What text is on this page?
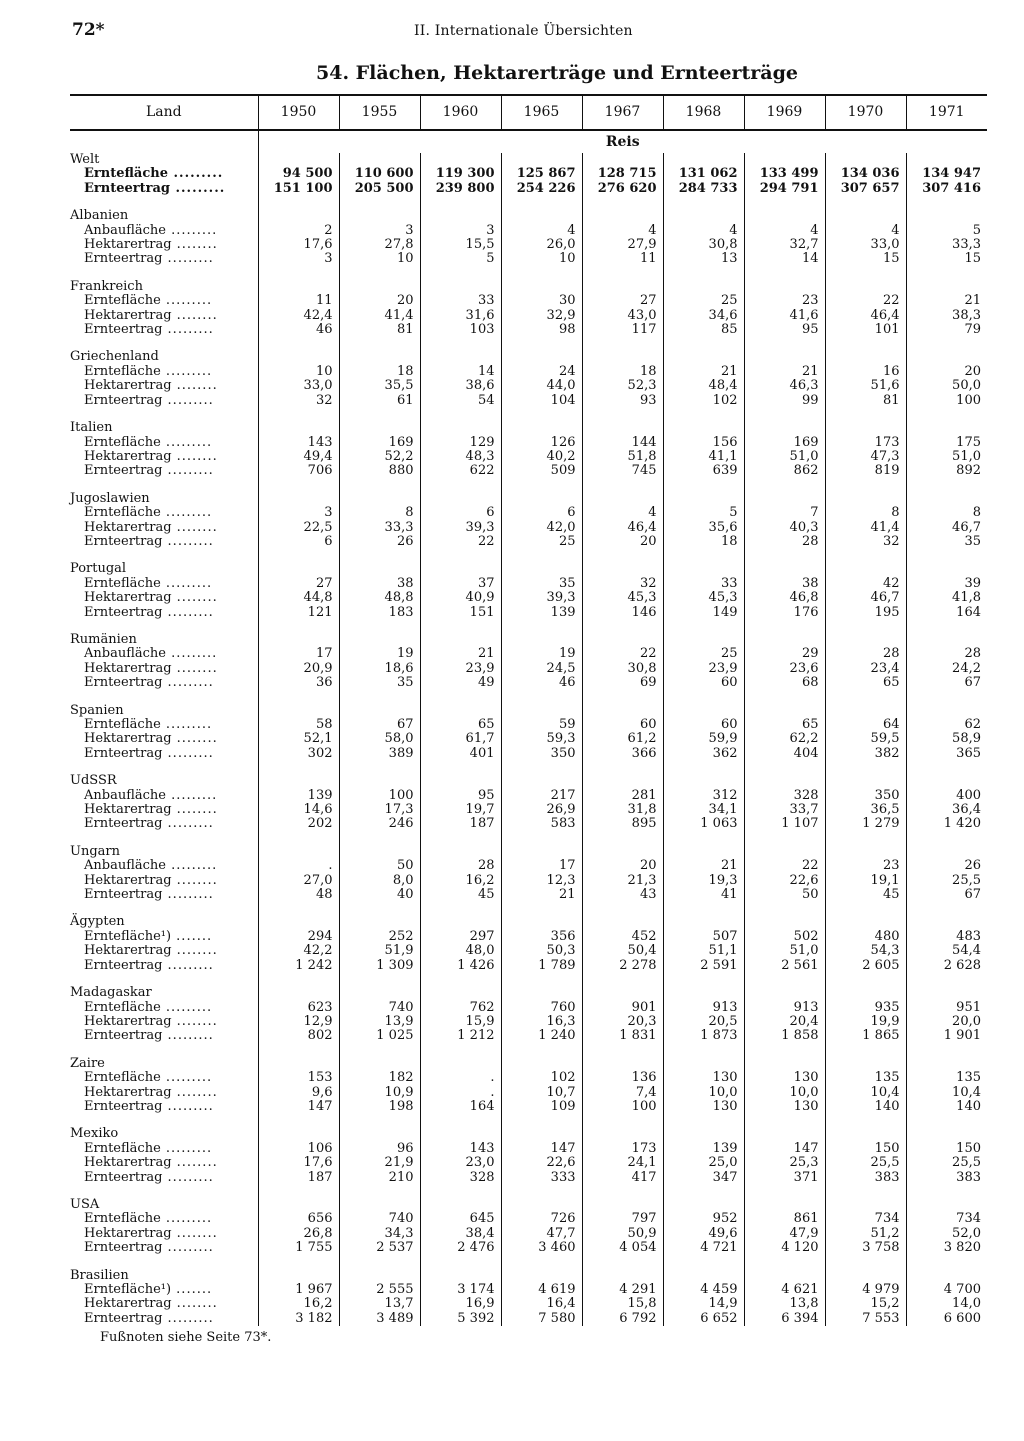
72*	II. Internationale Übersichten
54. Flächen, Hektarerträge und Ernteerträge
Land	1950	1955	1960	1965	1967	1968	1969	1970	1971
	Reis								
Welt									
Erntefläche .........	94 500	110 600	119 300	125 867	128 715	131 062	133 499	134 036	134 947
Ernteertrag .........	151 100	205 500	239 800	254 226	276 620	284 733	294 791	307 657	307 416

Albanien									
Anbaufläche .........	2	3	3	4	4	4	4	4	5
Hektarertrag ........	17,6	27,8	15,5	26,0	27,9	30,8	32,7	33,0	33,3
Ernteertrag .........	3	10	5	10	11	13	14	15	15

Frankreich									
Erntefläche .........	11	20	33	30	27	25	23	22	21
Hektarertrag ........	42,4	41,4	31,6	32,9	43,0	34,6	41,6	46,4	38,3
Ernteertrag .........	46	81	103	98	117	85	95	101	79

Griechenland									
Erntefläche .........	10	18	14	24	18	21	21	16	20
Hektarertrag ........	33,0	35,5	38,6	44,0	52,3	48,4	46,3	51,6	50,0
Ernteertrag .........	32	61	54	104	93	102	99	81	100

Italien									
Erntefläche .........	143	169	129	126	144	156	169	173	175
Hektarertrag ........	49,4	52,2	48,3	40,2	51,8	41,1	51,0	47,3	51,0
Ernteertrag .........	706	880	622	509	745	639	862	819	892

Jugoslawien									
Erntefläche .........	3	8	6	6	4	5	7	8	8
Hektarertrag ........	22,5	33,3	39,3	42,0	46,4	35,6	40,3	41,4	46,7
Ernteertrag .........	6	26	22	25	20	18	28	32	35

Portugal									
Erntefläche .........	27	38	37	35	32	33	38	42	39
Hektarertrag ........	44,8	48,8	40,9	39,3	45,3	45,3	46,8	46,7	41,8
Ernteertrag .........	121	183	151	139	146	149	176	195	164

Rumänien									
Anbaufläche .........	17	19	21	19	22	25	29	28	28
Hektarertrag ........	20,9	18,6	23,9	24,5	30,8	23,9	23,6	23,4	24,2
Ernteertrag .........	36	35	49	46	69	60	68	65	67

Spanien									
Erntefläche .........	58	67	65	59	60	60	65	64	62
Hektarertrag ........	52,1	58,0	61,7	59,3	61,2	59,9	62,2	59,5	58,9
Ernteertrag .........	302	389	401	350	366	362	404	382	365

UdSSR									
Anbaufläche .........	139	100	95	217	281	312	328	350	400
Hektarertrag ........	14,6	17,3	19,7	26,9	31,8	34,1	33,7	36,5	36,4
Ernteertrag .........	202	246	187	583	895	1 063	1 107	1 279	1 420

Ungarn									
Anbaufläche .........	.	50	28	17	20	21	22	23	26
Hektarertrag ........	27,0	8,0	16,2	12,3	21,3	19,3	22,6	19,1	25,5
Ernteertrag .........	48	40	45	21	43	41	50	45	67

Ägypten									
Erntefläche¹) .......	294	252	297	356	452	507	502	480	483
Hektarertrag ........	42,2	51,9	48,0	50,3	50,4	51,1	51,0	54,3	54,4
Ernteertrag .........	1 242	1 309	1 426	1 789	2 278	2 591	2 561	2 605	2 628

Madagaskar									
Erntefläche .........	623	740	762	760	901	913	913	935	951
Hektarertrag ........	12,9	13,9	15,9	16,3	20,3	20,5	20,4	19,9	20,0
Ernteertrag .........	802	1 025	1 212	1 240	1 831	1 873	1 858	1 865	1 901

Zaire									
Erntefläche .........	153	182	.	102	136	130	130	135	135
Hektarertrag ........	9,6	10,9	.	10,7	7,4	10,0	10,0	10,4	10,4
Ernteertrag .........	147	198	164	109	100	130	130	140	140

Mexiko									
Erntefläche .........	106	96	143	147	173	139	147	150	150
Hektarertrag ........	17,6	21,9	23,0	22,6	24,1	25,0	25,3	25,5	25,5
Ernteertrag .........	187	210	328	333	417	347	371	383	383

USA									
Erntefläche .........	656	740	645	726	797	952	861	734	734
Hektarertrag ........	26,8	34,3	38,4	47,7	50,9	49,6	47,9	51,2	52,0
Ernteertrag .........	1 755	2 537	2 476	3 460	4 054	4 721	4 120	3 758	3 820

Brasilien									
Erntefläche¹) .......	1 967	2 555	3 174	4 619	4 291	4 459	4 621	4 979	4 700
Hektarertrag ........	16,2	13,7	16,9	16,4	15,8	14,9	13,8	15,2	14,0
Ernteertrag .........	3 182	3 489	5 392	7 580	6 792	6 652	6 394	7 553	6 600
Fußnoten siehe Seite 73*.
